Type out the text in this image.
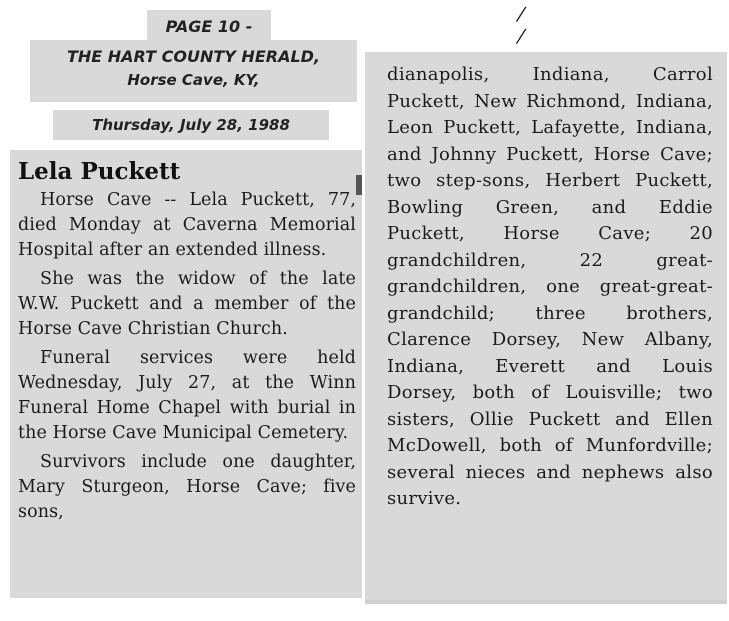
/
/
PAGE 10 -
THE HART COUNTY HERALD,
Horse Cave, KY,
Thursday, July 28, 1988
Lela Puckett

Horse Cave -- Lela Puckett, 77, died Monday at Caverna Memorial Hospital after an extended illness.

She was the widow of the late W.W. Puckett and a member of the Horse Cave Christian Church.

Funeral services were held Wednesday, July 27, at the Winn Funeral Home Chapel with burial in the Horse Cave Municipal Cemetery.

Survivors include one daughter, Mary Sturgeon, Horse Cave; five sons,

dianapolis, Indiana, Carrol Puckett, New Richmond, Indiana, Leon Puckett, Lafayette, Indiana, and Johnny Puckett, Horse Cave; two step-sons, Herbert Puckett, Bowling Green, and Eddie Puckett, Horse Cave; 20 grandchildren, 22 great-grandchildren, one great-great- grandchild; three brothers, Clarence Dorsey, New Albany, Indiana, Everett and Louis Dorsey, both of Louisville; two sisters, Ollie Puckett and Ellen McDowell, both of Munfordville; several nieces and nephews also survive.
